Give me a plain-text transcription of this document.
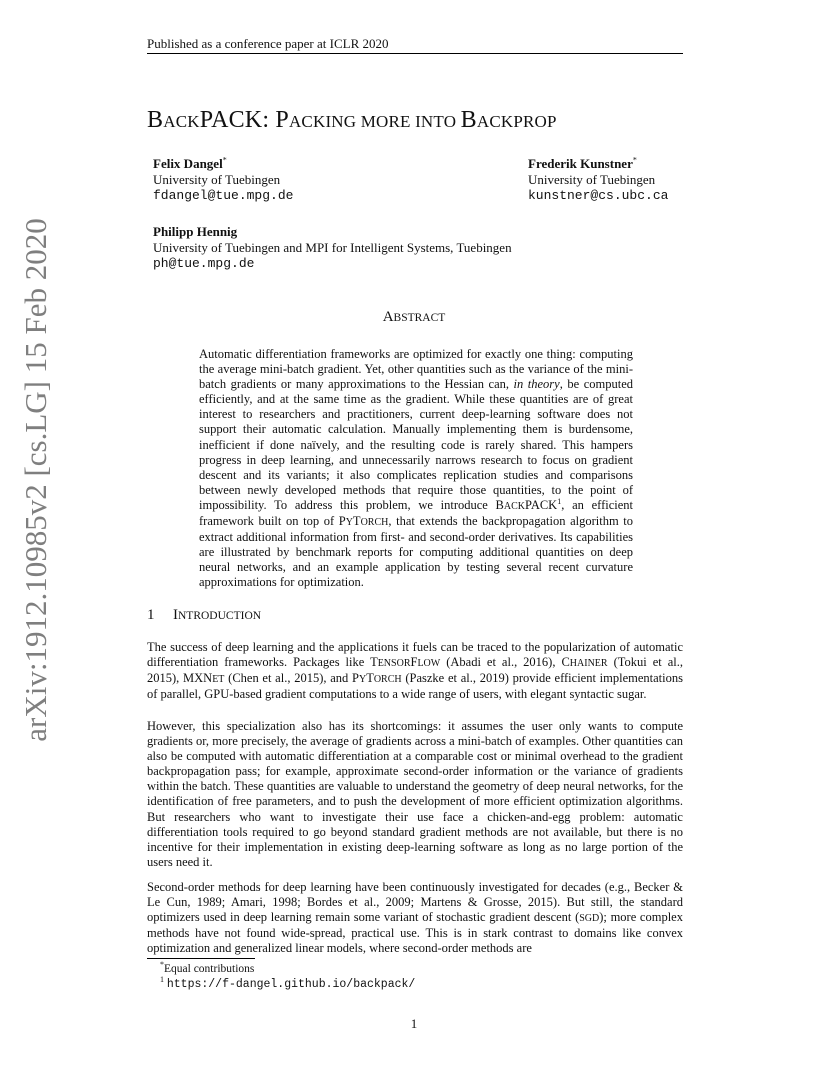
Published as a conference paper at ICLR 2020
BACKPACK: PACKING MORE INTO BACKPROP
Felix Dangel*
University of Tuebingen
fdangel@tue.mpg.de
Frederik Kunstner*
University of Tuebingen
kunstner@cs.ubc.ca
Philipp Hennig
University of Tuebingen and MPI for Intelligent Systems, Tuebingen
ph@tue.mpg.de
ABSTRACT
Automatic differentiation frameworks are optimized for exactly one thing: computing the average mini-batch gradient. Yet, other quantities such as the variance of the mini-batch gradients or many approximations to the Hessian can, in theory, be computed efficiently, and at the same time as the gradient. While these quantities are of great interest to researchers and practitioners, current deep-learning software does not support their automatic calculation. Manually implementing them is burdensome, inefficient if done naïvely, and the resulting code is rarely shared. This hampers progress in deep learning, and unnecessarily narrows research to focus on gradient descent and its variants; it also complicates replication studies and comparisons between newly developed methods that require those quantities, to the point of impossibility. To address this problem, we introduce BACKPACK$^1$, an efficient framework built on top of PYTORCH, that extends the backpropagation algorithm to extract additional information from first- and second-order derivatives. Its capabilities are illustrated by benchmark reports for computing additional quantities on deep neural networks, and an example application by testing several recent curvature approximations for optimization.
1 INTRODUCTION
The success of deep learning and the applications it fuels can be traced to the popularization of automatic differentiation frameworks. Packages like TENSORFLOW (Abadi et al., 2016), CHAINER (Tokui et al., 2015), MXNET (Chen et al., 2015), and PYTORCH (Paszke et al., 2019) provide efficient implementations of parallel, GPU-based gradient computations to a wide range of users, with elegant syntactic sugar.
However, this specialization also has its shortcomings: it assumes the user only wants to compute gradients or, more precisely, the average of gradients across a mini-batch of examples. Other quantities can also be computed with automatic differentiation at a comparable cost or minimal overhead to the gradient backpropagation pass; for example, approximate second-order information or the variance of gradients within the batch. These quantities are valuable to understand the geometry of deep neural networks, for the identification of free parameters, and to push the development of more efficient optimization algorithms. But researchers who want to investigate their use face a chicken-and-egg problem: automatic differentiation tools required to go beyond standard gradient methods are not available, but there is no incentive for their implementation in existing deep-learning software as long as no large portion of the users need it.
Second-order methods for deep learning have been continuously investigated for decades (e.g., Becker & Le Cun, 1989; Amari, 1998; Bordes et al., 2009; Martens & Grosse, 2015). But still, the standard optimizers used in deep learning remain some variant of stochastic gradient descent (SGD); more complex methods have not found wide-spread, practical use. This is in stark contrast to domains like convex optimization and generalized linear models, where second-order methods are
*Equal contributions
$^1$ https://f-dangel.github.io/backpack/
1
arXiv:1912.10985v2 [cs.LG] 15 Feb 2020
